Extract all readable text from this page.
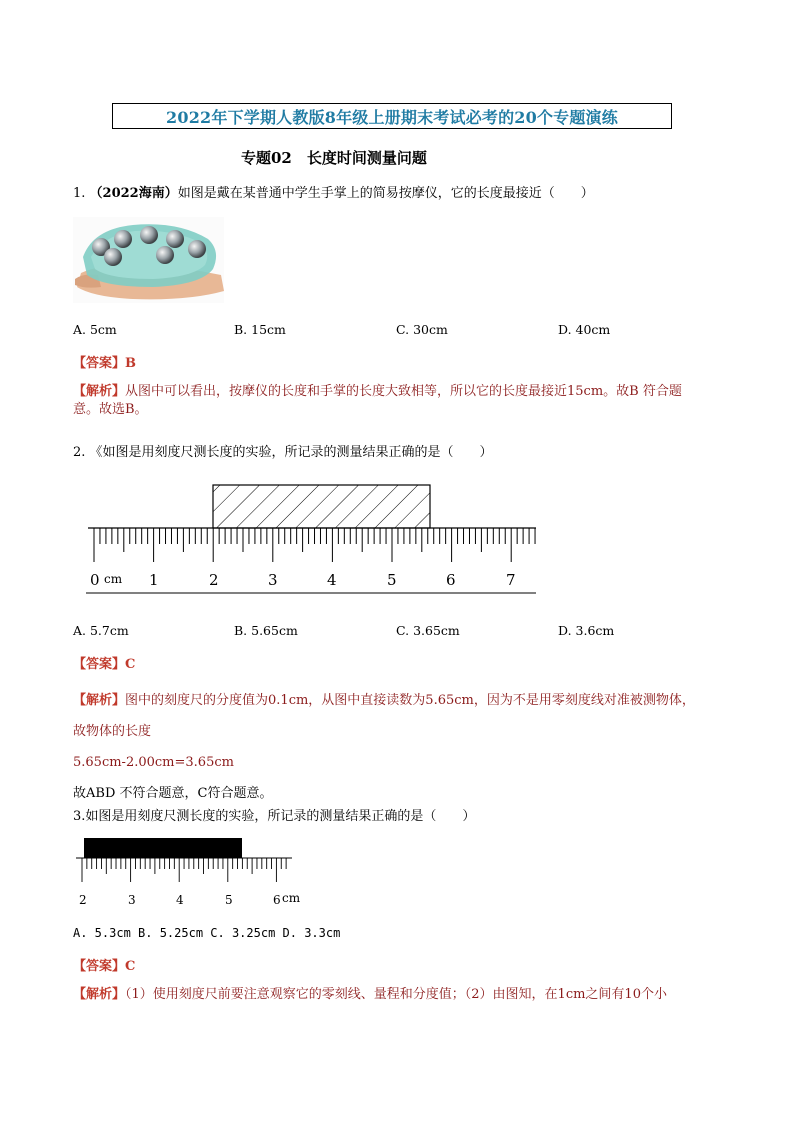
2022年下学期人教版8年级上册期末考试必考的20个专题演练
专题02　长度时间测量问题
1. （2022海南）如图是戴在某普通中学生手掌上的简易按摩仪，它的长度最接近（　　）
A. 5cm	B. 15cm	C. 30cm	D. 40cm
【答案】B
【解析】从图中可以看出，按摩仪的长度和手掌的长度大致相等，所以它的长度最接近15cm。故B 符合题
意。故选B。
2. 《如图是用刻度尺测长度的实验，所记录的测量结果正确的是（　　）
0 cm 1	2	3	4	5	6	7
A. 5.7cm	B. 5.65cm	C. 3.65cm	D. 3.6cm
【答案】C
【解析】图中的刻度尺的分度值为0.1cm，从图中直接读数为5.65cm，因为不是用零刻度线对准被测物体，
故物体的长度
5.65cm-2.00cm=3.65cm
故ABD 不符合题意，C符合题意。
3.如图是用刻度尺测长度的实验，所记录的测量结果正确的是（　　）
2	3	4	5	6 cm
A. 5.3cm B. 5.25cm C. 3.25cm D. 3.3cm
【答案】C
【解析】（1）使用刻度尺前要注意观察它的零刻线、量程和分度值；（2）由图知，在1cm之间有10个小
